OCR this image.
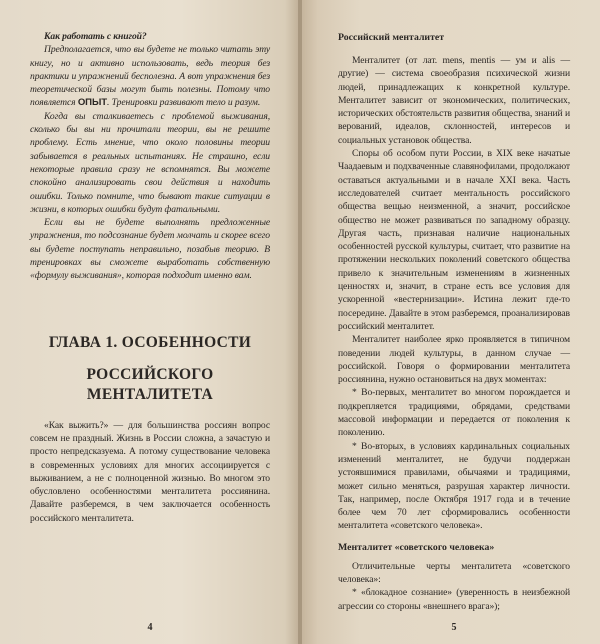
Как работать с книгой?

Предполагается, что вы будете не только читать эту книгу, но и активно использовать, ведь теория без практики и упражнений бесполезна. А вот упражнения без теоретической базы могут быть полезны. Потому что появляется ОПЫТ. Тренировки развивают тело и разум.

Когда вы сталкиваетесь с проблемой выживания, сколько бы вы ни прочитали теории, вы не решите проблему. Есть мнение, что около половины теории забывается в реальных испытаниях. Не страшно, если некоторые правила сразу не вспомнятся. Вы можете спокойно анализировать свои действия и находить ошибки. Только помните, что бывают такие ситуации в жизни, в которых ошибки будут фатальными.

Если вы не будете выполнять предложенные упражнения, то подсознание будет молчать и скорее всего вы будете поступать неправильно, позабыв теорию. В тренировках вы сможете выработать собственную «формулу выживания», которая подходит именно вам.

ГЛАВА 1. ОСОБЕННОСТИ
РОССИЙСКОГО МЕНТАЛИТЕТА

«Как выжить?» — для большинства россиян вопрос совсем не праздный. Жизнь в России сложна, а зачастую и просто непредсказуема. А потому существование человека в современных условиях для многих ассоциируется с выживанием, а не с полноценной жизнью. Во многом это обусловлено особенностями менталитета россиянина. Давайте разберемся, в чем заключается особенность российского менталитета.

4
Российский менталитет

Менталитет (от лат. mens, mentis — ум и alis — другие) — система своеобразия психической жизни людей, принадлежащих к конкретной культуре. Менталитет зависит от экономических, политических, исторических обстоятельств развития общества, знаний и верований, идеалов, склонностей, интересов и социальных установок общества.

Споры об особом пути России, в XIX веке начатые Чаадаевым и подхваченные славянофилами, продолжают оставаться актуальными и в начале XXI века. Часть исследователей считает ментальность российского общества вещью неизменной, а значит, российское общество не может развиваться по западному образцу. Другая часть, признавая наличие национальных особенностей русской культуры, считает, что развитие на протяжении нескольких поколений советского общества привело к значительным изменениям в жизненных ценностях и, значит, в стране есть все условия для ускоренной «вестернизации». Истина лежит где-то посередине. Давайте в этом разберемся, проанализировав российский менталитет.

Менталитет наиболее ярко проявляется в типичном поведении людей культуры, в данном случае — российской. Говоря о формировании менталитета россиянина, нужно остановиться на двух моментах:

* Во-первых, менталитет во многом порождается и подкрепляется традициями, обрядами, средствами массовой информации и передается от поколения к поколению.

* Во-вторых, в условиях кардинальных социальных изменений менталитет, не будучи поддержан устоявшимися правилами, обычаями и традициями, может сильно меняться, разрушая характер личности. Так, например, после Октября 1917 года и в течение более чем 70 лет сформировались особенности менталитета «советского человека».

Менталитет «советского человека»

Отличительные черты менталитета «советского человека»:

* «блокадное сознание» (уверенность в неизбежной агрессии со стороны «внешнего врага»);

5
